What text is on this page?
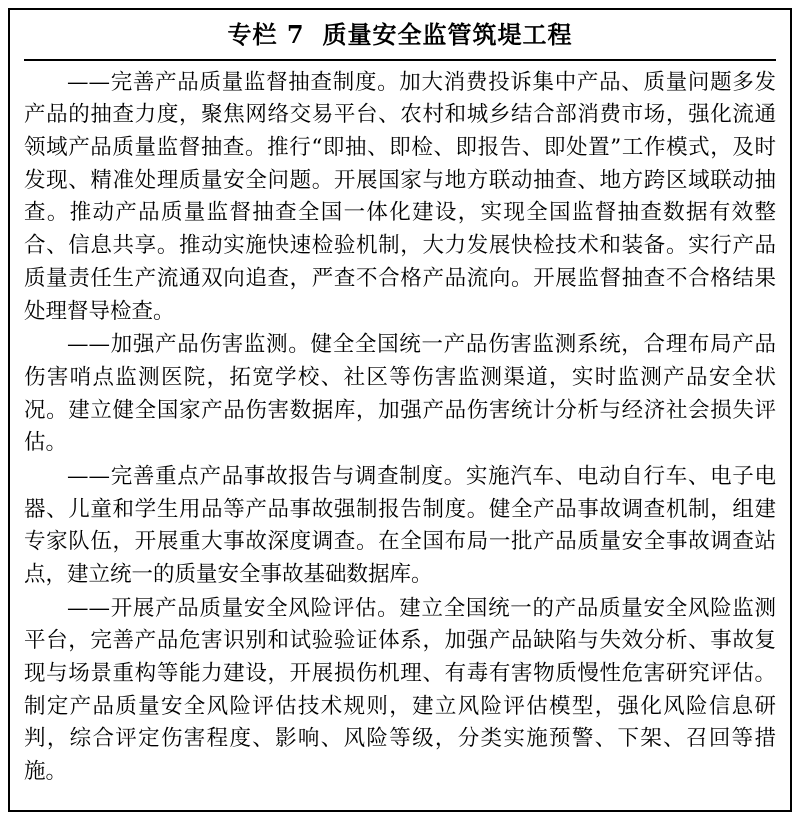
专栏 7 质量安全监管筑堤工程

——完善产品质量监督抽查制度。加大消费投诉集中产品、质量问题多发产品的抽查力度，聚焦网络交易平台、农村和城乡结合部消费市场，强化流通领域产品质量监督抽查。推行“即抽、即检、即报告、即处置”工作模式，及时发现、精准处理质量安全问题。开展国家与地方联动抽查、地方跨区域联动抽查。推动产品质量监督抽查全国一体化建设，实现全国监督抽查数据有效整合、信息共享。推动实施快速检验机制，大力发展快检技术和装备。实行产品质量责任生产流通双向追查，严查不合格产品流向。开展监督抽查不合格结果处理督导检查。

——加强产品伤害监测。健全全国统一产品伤害监测系统，合理布局产品伤害哨点监测医院，拓宽学校、社区等伤害监测渠道，实时监测产品安全状况。建立健全国家产品伤害数据库，加强产品伤害统计分析与经济社会损失评估。

——完善重点产品事故报告与调查制度。实施汽车、电动自行车、电子电器、儿童和学生用品等产品事故强制报告制度。健全产品事故调查机制，组建专家队伍，开展重大事故深度调查。在全国布局一批产品质量安全事故调查站点，建立统一的质量安全事故基础数据库。

——开展产品质量安全风险评估。建立全国统一的产品质量安全风险监测平台，完善产品危害识别和试验验证体系，加强产品缺陷与失效分析、事故复现与场景重构等能力建设，开展损伤机理、有毒有害物质慢性危害研究评估。制定产品质量安全风险评估技术规则，建立风险评估模型，强化风险信息研判，综合评定伤害程度、影响、风险等级，分类实施预警、下架、召回等措施。
